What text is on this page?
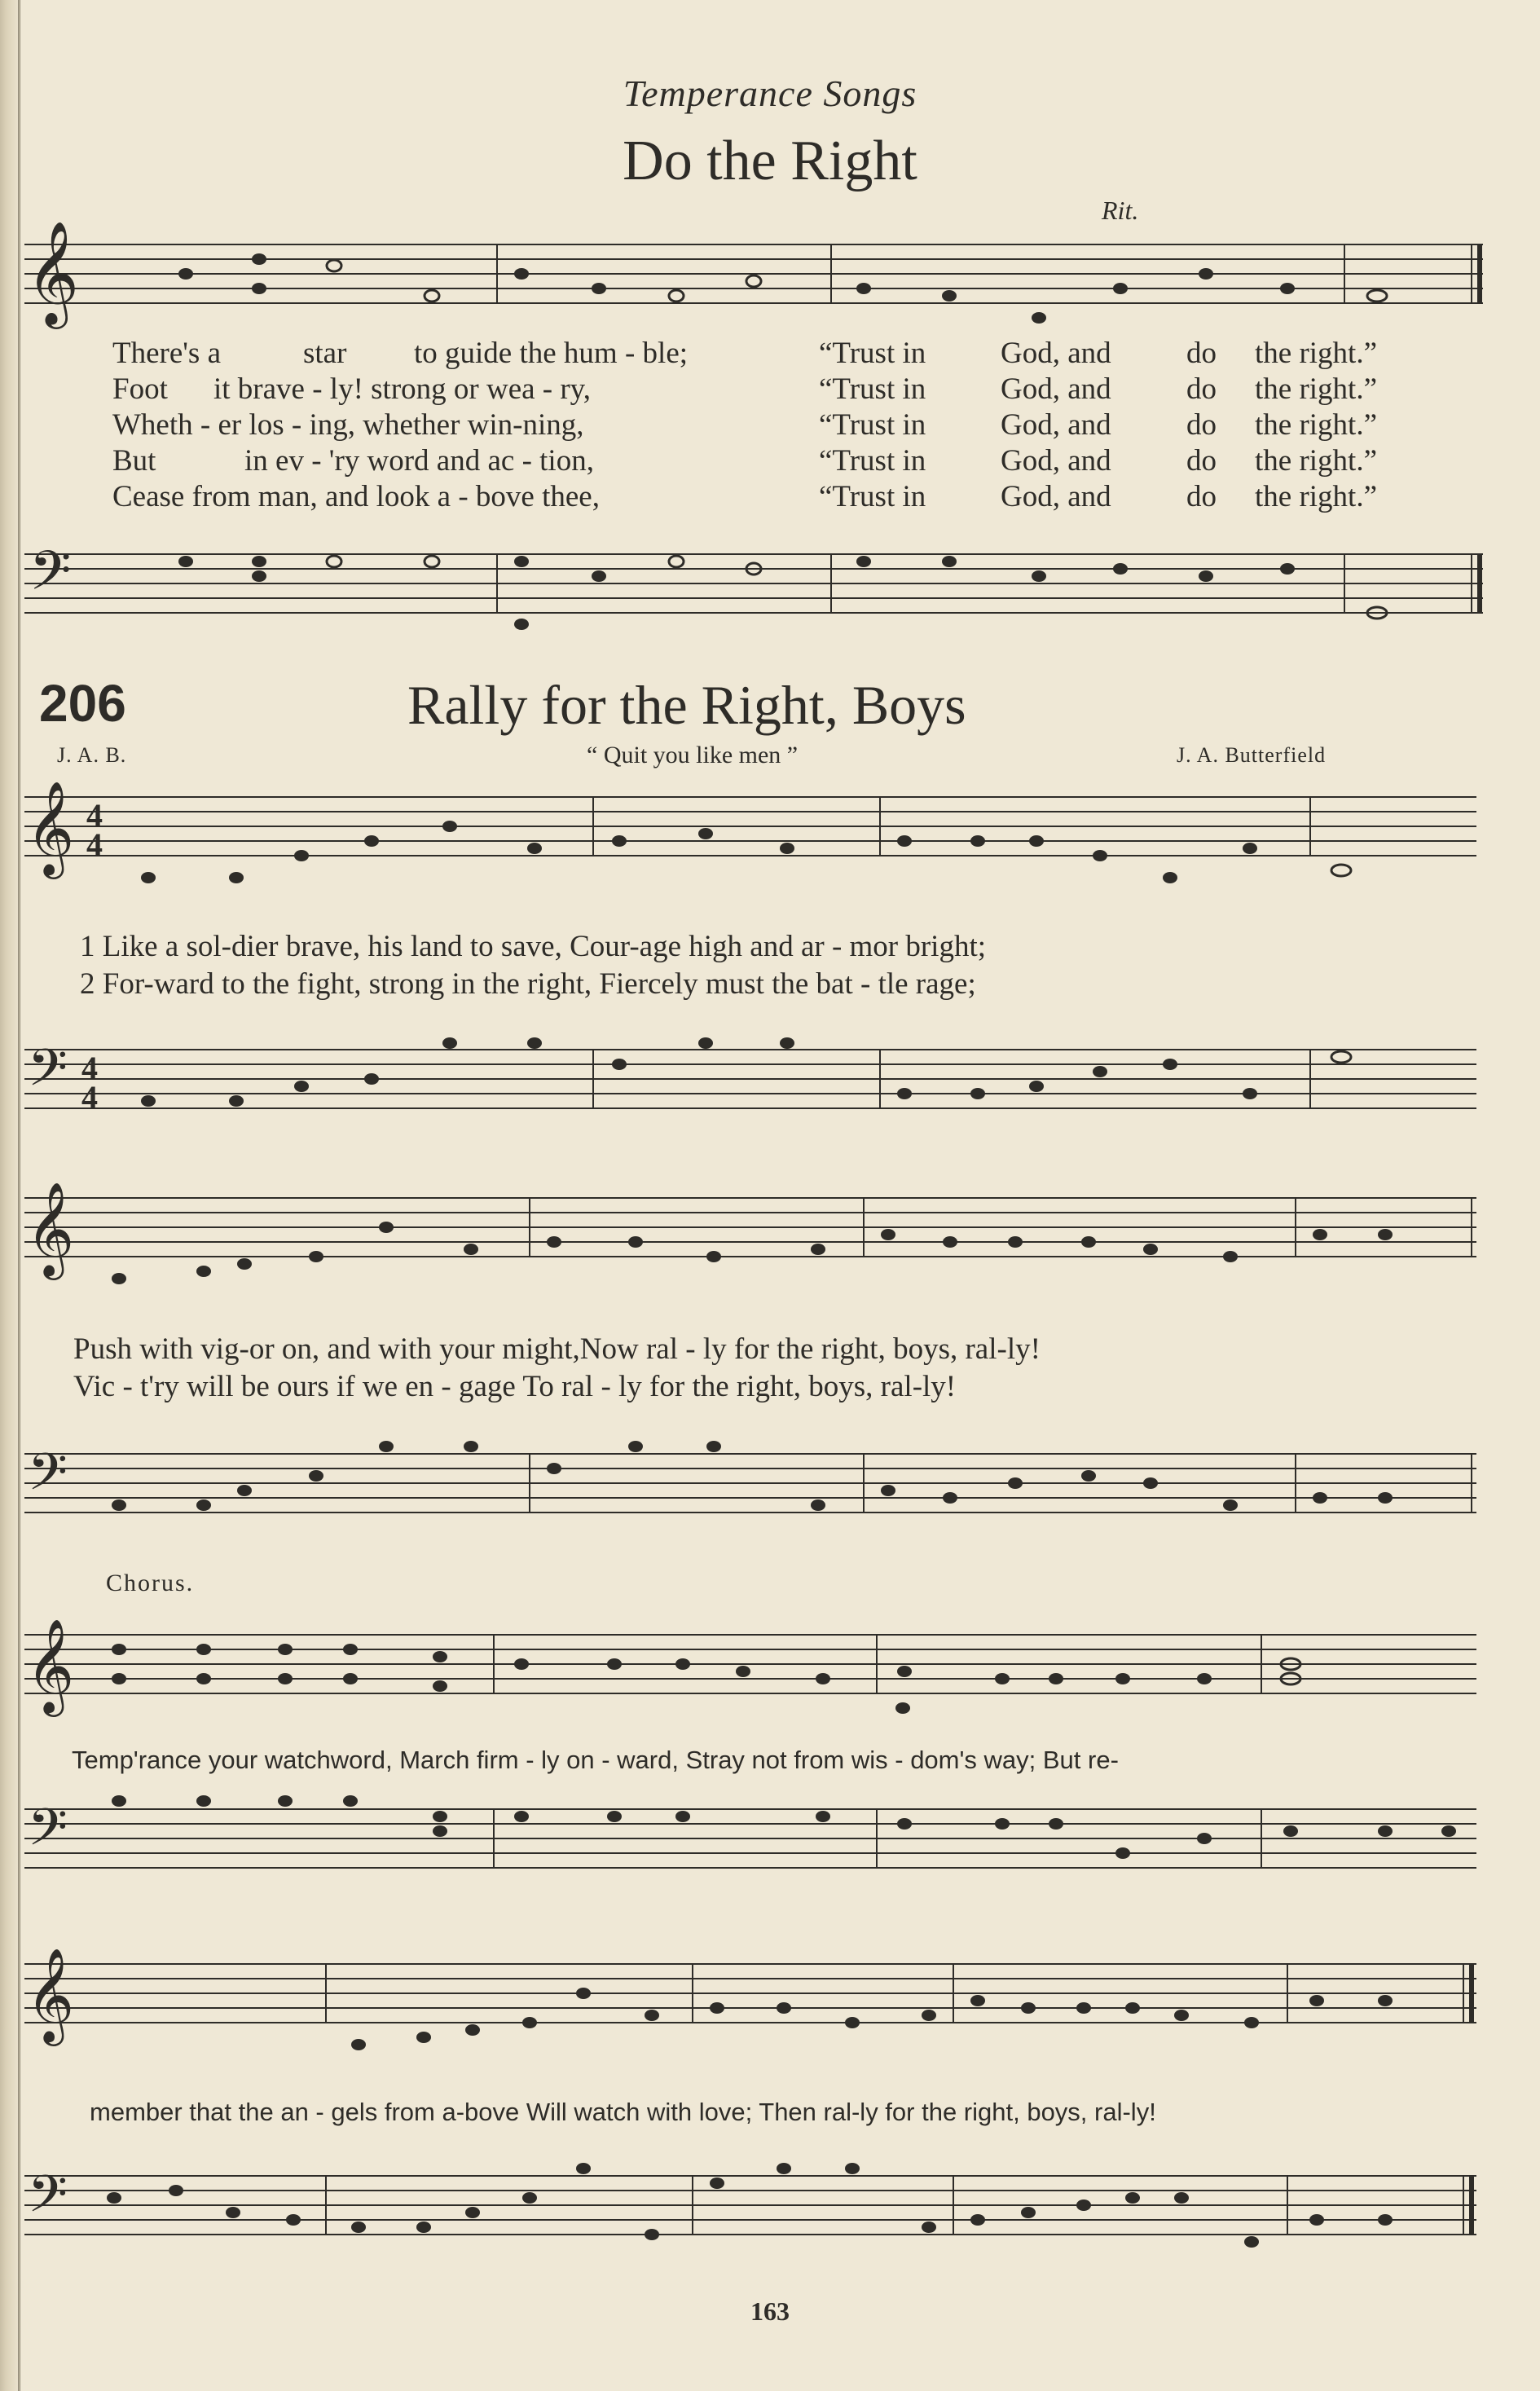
Temperance Songs
Do the Right
Rit.
𝄞
There's a	star to guide the hum - ble;	“Trust in God, and do the right.”
Foot it brave - ly! strong or wea - ry,	“Trust in God, and do the right.”
Wheth - er los - ing, whether win-ning,	“Trust in God, and do the right.”
But	in ev - 'ry word and ac - tion,	“Trust in God, and do the right.”
Cease from man, and look a - bove thee,	“Trust in God, and do the right.”
𝄢
206	Rally for the Right, Boys
J. A. B.	“ Quit you like men ”	J. A. Butterfield
𝄞 4
4
1 Like a sol-dier brave, his land to save, Cour-age high and ar - mor bright;
2 For-ward to the fight, strong in the right, Fiercely must the bat - tle rage;
𝄢 4
4
𝄞
Push with vig-or on, and with your might,Now ral - ly for the right, boys, ral-ly!
Vic - t'ry will be ours if we en - gage To ral - ly for the right, boys, ral-ly!
𝄢
Chorus.
𝄞
Temp'rance your watchword, March firm - ly on - ward, Stray not from wis - dom's way; But re-
𝄢
𝄞
member that the an - gels from a-bove Will watch with love; Then ral-ly for the right, boys, ral-ly!
𝄢
163
